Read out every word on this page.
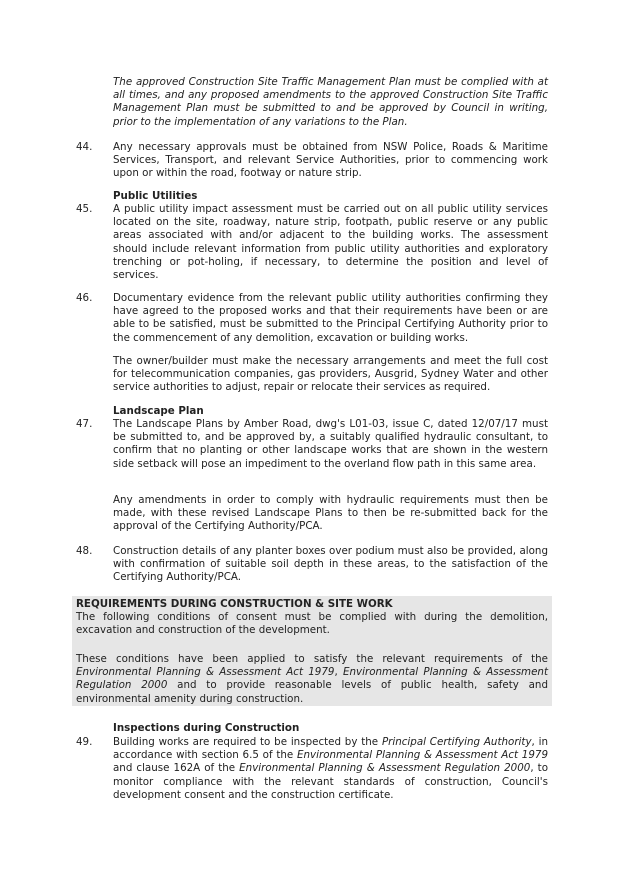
The approved Construction Site Traffic Management Plan must be complied with at all times, and any proposed amendments to the approved Construction Site Traffic Management Plan must be submitted to and be approved by Council in writing, prior to the implementation of any variations to the Plan.

44. Any necessary approvals must be obtained from NSW Police, Roads & Maritime Services, Transport, and relevant Service Authorities, prior to commencing work upon or within the road, footway or nature strip.

Public Utilities

45. A public utility impact assessment must be carried out on all public utility services located on the site, roadway, nature strip, footpath, public reserve or any public areas associated with and/or adjacent to the building works. The assessment should include relevant information from public utility authorities and exploratory trenching or pot-holing, if necessary, to determine the position and level of services.

46. Documentary evidence from the relevant public utility authorities confirming they have agreed to the proposed works and that their requirements have been or are able to be satisfied, must be submitted to the Principal Certifying Authority prior to the commencement of any demolition, excavation or building works.

The owner/builder must make the necessary arrangements and meet the full cost for telecommunication companies, gas providers, Ausgrid, Sydney Water and other service authorities to adjust, repair or relocate their services as required.

Landscape Plan

47. The Landscape Plans by Amber Road, dwg's L01-03, issue C, dated 12/07/17 must be submitted to, and be approved by, a suitably qualified hydraulic consultant, to confirm that no planting or other landscape works that are shown in the western side setback will pose an impediment to the overland flow path in this same area.

Any amendments in order to comply with hydraulic requirements must then be made, with these revised Landscape Plans to then be re-submitted back for the approval of the Certifying Authority/PCA.

48. Construction details of any planter boxes over podium must also be provided, along with confirmation of suitable soil depth in these areas, to the satisfaction of the Certifying Authority/PCA.

REQUIREMENTS DURING CONSTRUCTION & SITE WORK

The following conditions of consent must be complied with during the demolition, excavation and construction of the development.

These conditions have been applied to satisfy the relevant requirements of the Environmental Planning & Assessment Act 1979, Environmental Planning & Assessment Regulation 2000 and to provide reasonable levels of public health, safety and environmental amenity during construction.

Inspections during Construction

49. Building works are required to be inspected by the Principal Certifying Authority, in accordance with section 6.5 of the Environmental Planning & Assessment Act 1979 and clause 162A of the Environmental Planning & Assessment Regulation 2000, to monitor compliance with the relevant standards of construction, Council's development consent and the construction certificate.
